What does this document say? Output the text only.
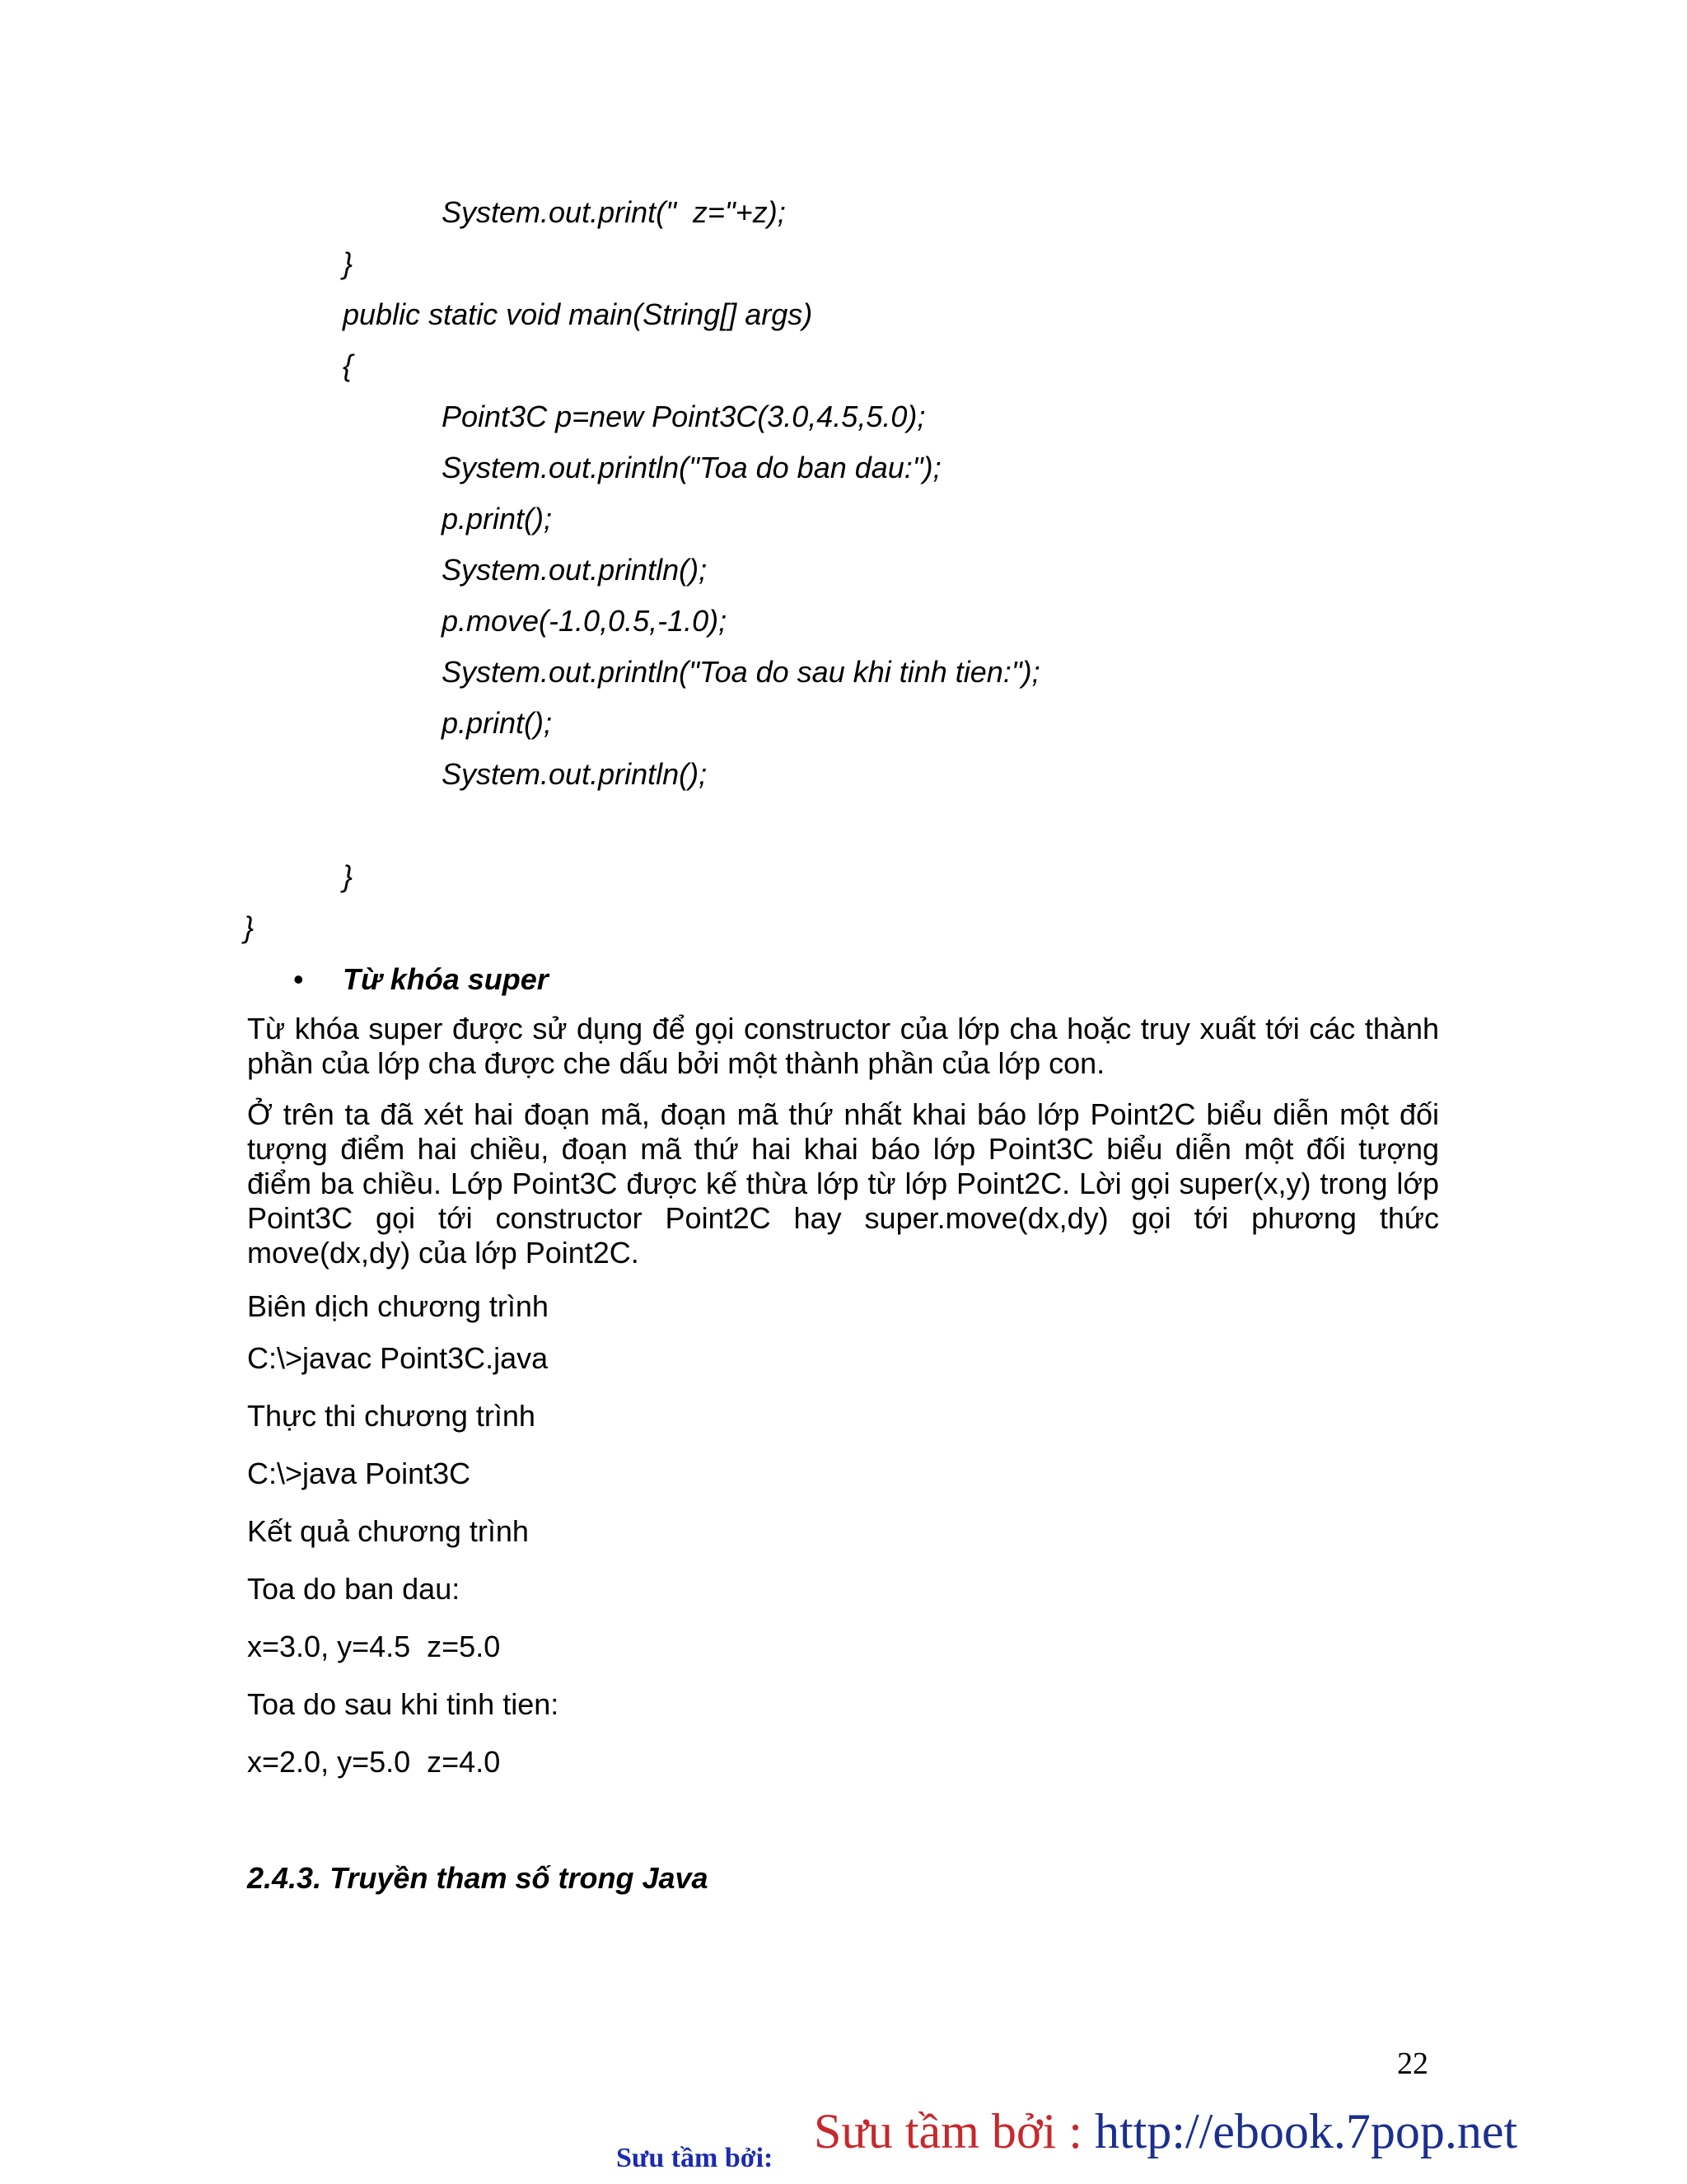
System.out.print("  z="+z);
}
public static void main(String[] args)
{
Point3C p=new Point3C(3.0,4.5,5.0);
System.out.println("Toa do ban dau:");
p.print();
System.out.println();
p.move(-1.0,0.5,-1.0);
System.out.println("Toa do sau khi tinh tien:");
p.print();
System.out.println();
}
}
• Từ khóa super

Từ khóa super được sử dụng để gọi constructor của lớp cha hoặc truy xuất tới các thành phần của lớp cha được che dấu bởi một thành phần của lớp con.

Ở trên ta đã xét hai đoạn mã, đoạn mã thứ nhất khai báo lớp Point2C biểu diễn một đối tượng điểm hai chiều, đoạn mã thứ hai khai báo lớp Point3C biểu diễn một đối tượng điểm ba chiều. Lớp Point3C được kế thừa lớp từ lớp Point2C. Lời gọi super(x,y) trong lớp Point3C gọi tới constructor Point2C hay super.move(dx,dy) gọi tới phương thức move(dx,dy) của lớp Point2C.

Biên dịch chương trình
C:\>javac Point3C.java
Thực thi chương trình
C:\>java Point3C
Kết quả chương trình
Toa do ban dau:
x=3.0, y=4.5  z=5.0
Toa do sau khi tinh tien:
x=2.0, y=5.0  z=4.0
2.4.3. Truyền tham số trong Java
22
Sưu tầm bởi : http://ebook.7pop.net
Sưu tầm bởi:
